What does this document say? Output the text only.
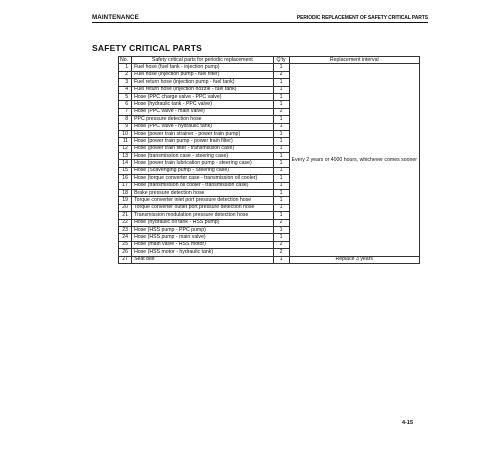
MAINTENANCE	PERIODIC REPLACEMENT OF SAFETY CRITICAL PARTS
SAFETY CRITICAL PARTS
No.	Safety critical parts for periodic replacement	Q'ty	Replacement interval
1	Fuel hose (fuel tank - injection pump)	1	Every 2 years or 4000 hours, whichever comes sooner
2	Fuel hose (injection pump - fuel filter)	2	
3	Fuel return hose (injection pump - fuel tank)	1	
4	Fuel return hose (injection nozzle - fuel tank)	1	
5	Hose (PPC charge valve - PPC valve)	1	
6	Hose (hydraulic tank - PPC valve)	1	
7	Hose (PPC valve - main valve)	2	
8	PPC pressure detection hose	1	
9	Hose (PPC valve - hydraulic tank)	1	
10	Hose (power train strainer - power train pump)	1	
11	Hose (power train pump - power train filter)	1	
12	Hose (power train filter - transmission case)	1	
13	Hose (transmission case - steering case)	1	
14	Hose (power train lubrication pump - steering case)	1	
15	Hose (Scavenging pump - Steering case)	1	
16	Hose (torque converter case - transmission oil cooler)	1	
17	Hose (transmission oil cooler - transmission case)	1	
18	Brake pressure detection hose	1	
19	Torque converter inlet port pressure detection hose	1	
20	Torque converter outlet port pressure detection hose	1	
21	Transmission modulation pressure detection hose	1	
22	Hose (hydraulic oil tank - HSS pump)	2	
23	Hose (HSS pump - PPC pump)	1	
24	Hose (HSS pump - main valve)	1	
25	Hose (main valve - HSS motor)	2	
26	Hose (HSS motor - hydraulic tank)	2	
27	Seat belt	1	Replace 3 years
4-15
